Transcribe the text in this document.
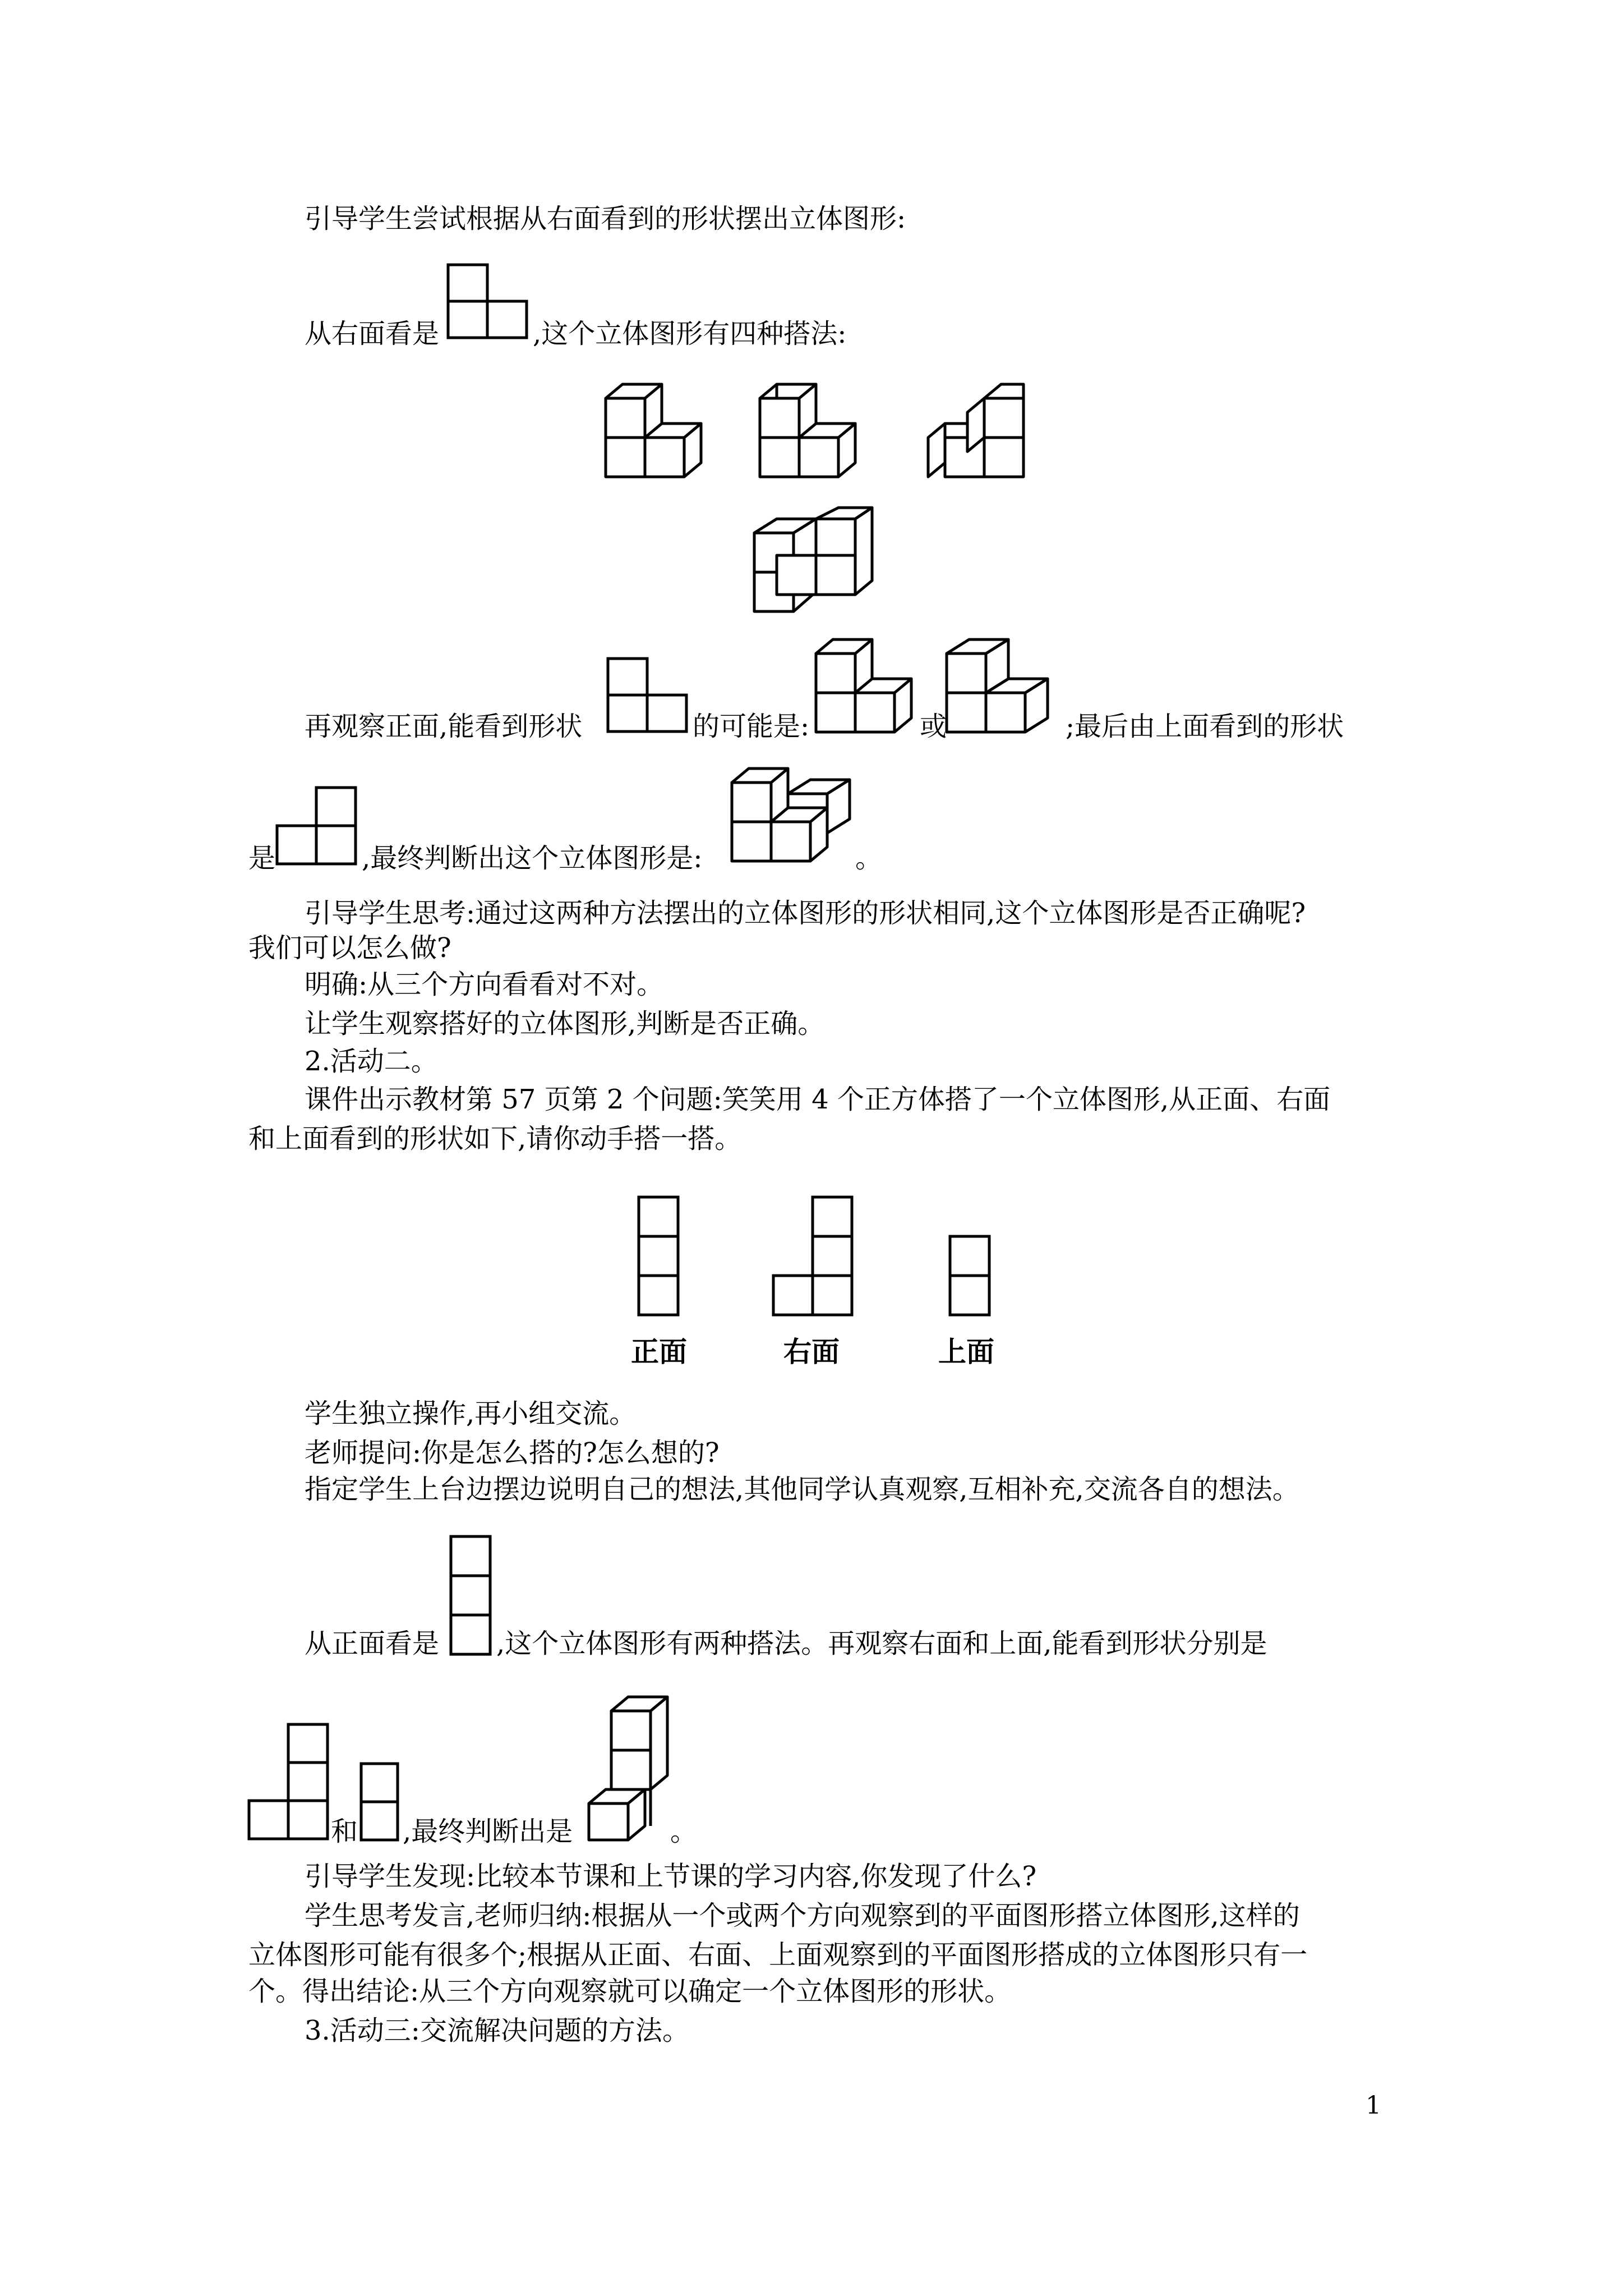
引导学生尝试根据从右面看到的形状摆出立体图形:
从右面看是	,这个立体图形有四种搭法:
再观察正面,能看到形状	的可能是:	或	;最后由上面看到的形状
是	,最终判断出这个立体图形是:	。
引导学生思考:通过这两种方法摆出的立体图形的形状相同,这个立体图形是否正确呢?
我们可以怎么做?
明确:从三个方向看看对不对。
让学生观察搭好的立体图形,判断是否正确。
2.活动二。
课件出示教材第 57 页第 2 个问题:笑笑用 4 个正方体搭了一个立体图形,从正面、右面
和上面看到的形状如下,请你动手搭一搭。
正面	右面	上面
学生独立操作,再小组交流。
老师提问:你是怎么搭的?怎么想的?
指定学生上台边摆边说明自己的想法,其他同学认真观察,互相补充,交流各自的想法。
从正面看是 ,这个立体图形有两种搭法。再观察右面和上面,能看到形状分别是
和 ,最终判断出是	。
引导学生发现:比较本节课和上节课的学习内容,你发现了什么?
学生思考发言,老师归纳:根据从一个或两个方向观察到的平面图形搭立体图形,这样的
立体图形可能有很多个;根据从正面、右面、上面观察到的平面图形搭成的立体图形只有一
个。得出结论:从三个方向观察就可以确定一个立体图形的形状。
3.活动三:交流解决问题的方法。
1
